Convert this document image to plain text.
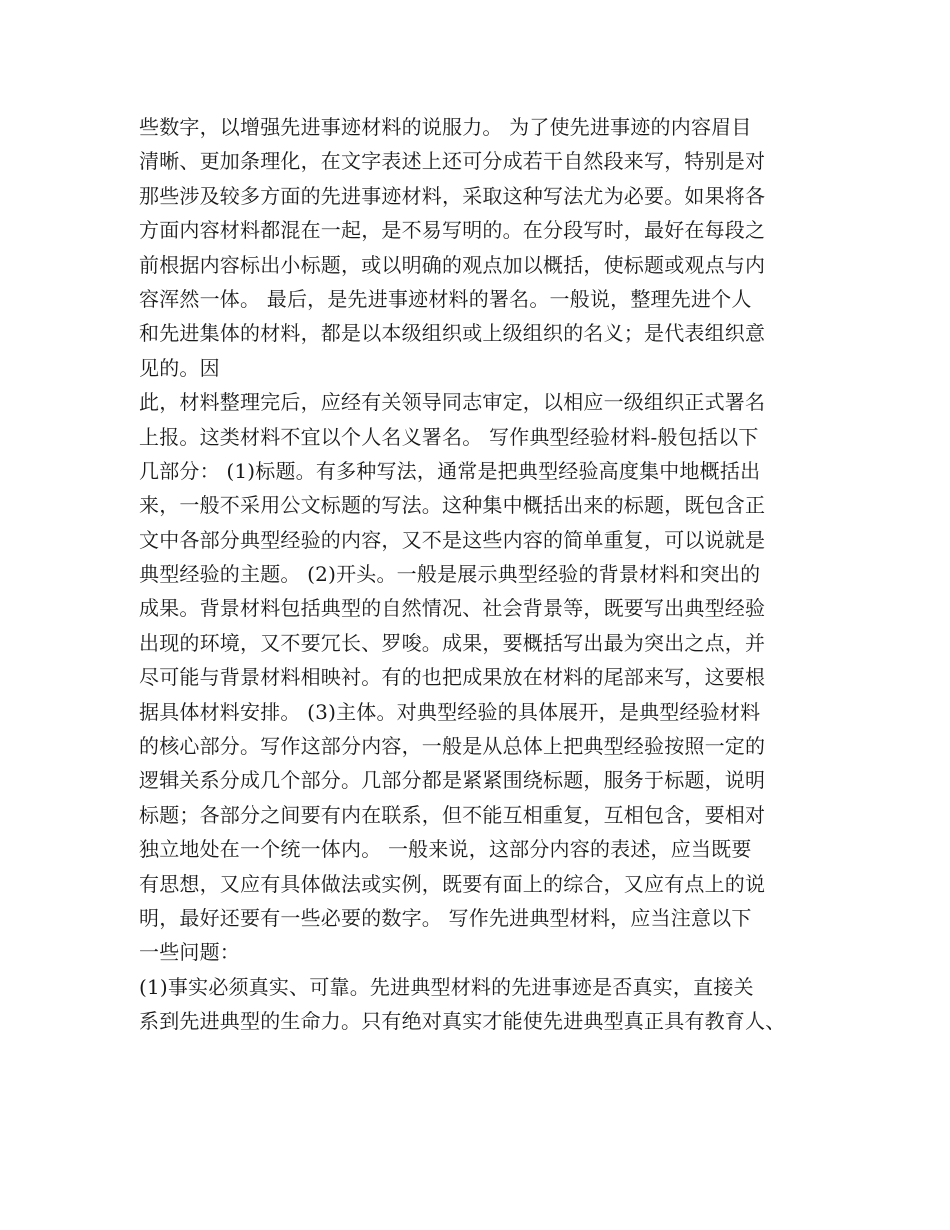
些数字，以增强先进事迹材料的说服力。 为了使先进事迹的内容眉目
清晰、更加条理化，在文字表述上还可分成若干自然段来写，特别是对
那些涉及较多方面的先进事迹材料，采取这种写法尤为必要。如果将各
方面内容材料都混在一起，是不易写明的。在分段写时，最好在每段之
前根据内容标出小标题，或以明确的观点加以概括，使标题或观点与内
容浑然一体。 最后，是先进事迹材料的署名。一般说，整理先进个人
和先进集体的材料，都是以本级组织或上级组织的名义；是代表组织意
见的。因
此，材料整理完后，应经有关领导同志审定，以相应一级组织正式署名
上报。这类材料不宜以个人名义署名。 写作典型经验材料-般包括以下
几部分： (1)标题。有多种写法，通常是把典型经验高度集中地概括出
来，一般不采用公文标题的写法。这种集中概括出来的标题，既包含正
文中各部分典型经验的内容，又不是这些内容的简单重复，可以说就是
典型经验的主题。 (2)开头。一般是展示典型经验的背景材料和突出的
成果。背景材料包括典型的自然情况、社会背景等，既要写出典型经验
出现的环境，又不要冗长、罗唆。成果，要概括写出最为突出之点，并
尽可能与背景材料相映衬。有的也把成果放在材料的尾部来写，这要根
据具体材料安排。 (3)主体。对典型经验的具体展开，是典型经验材料
的核心部分。写作这部分内容，一般是从总体上把典型经验按照一定的
逻辑关系分成几个部分。几部分都是紧紧围绕标题，服务于标题，说明
标题；各部分之间要有内在联系，但不能互相重复，互相包含，要相对
独立地处在一个统一体内。 一般来说，这部分内容的表述，应当既要
有思想，又应有具体做法或实例，既要有面上的综合，又应有点上的说
明，最好还要有一些必要的数字。 写作先进典型材料，应当注意以下
一些问题：
(1)事实必须真实、可靠。先进典型材料的先进事迹是否真实，直接关
系到先进典型的生命力。只有绝对真实才能使先进典型真正具有教育人、
